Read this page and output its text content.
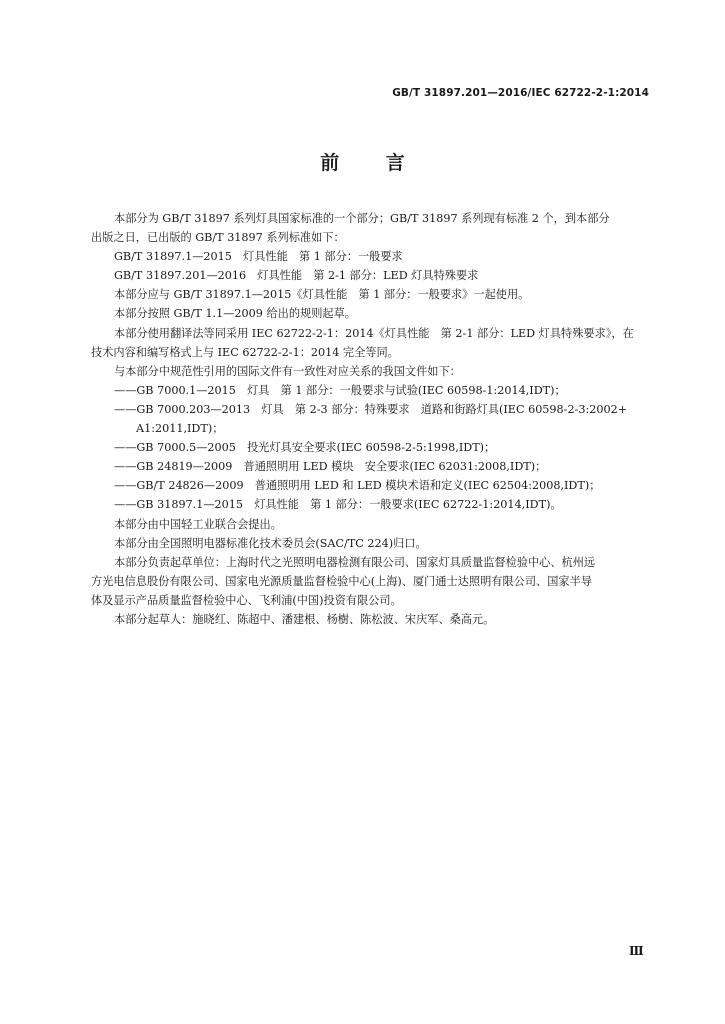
GB/T 31897.201—2016/IEC 62722-2-1:2014
前 言
本部分为 GB/T 31897 系列灯具国家标准的一个部分；GB/T 31897 系列现有标准 2 个，到本部分
出版之日，已出版的 GB/T 31897 系列标准如下：
GB/T 31897.1—2015　灯具性能　第 1 部分：一般要求
GB/T 31897.201—2016　灯具性能　第 2-1 部分：LED 灯具特殊要求
本部分应与 GB/T 31897.1—2015《灯具性能　第 1 部分：一般要求》一起使用。
本部分按照 GB/T 1.1—2009 给出的规则起草。
本部分使用翻译法等同采用 IEC 62722-2-1：2014《灯具性能　第 2-1 部分：LED 灯具特殊要求》，在
技术内容和编写格式上与 IEC 62722-2-1：2014 完全等同。
与本部分中规范性引用的国际文件有一致性对应关系的我国文件如下：
——GB 7000.1—2015　灯具　第 1 部分：一般要求与试验(IEC 60598-1:2014,IDT)；
——GB 7000.203—2013　灯具　第 2-3 部分：特殊要求　道路和街路灯具(IEC 60598-2-3:2002+
A1:2011,IDT)；
——GB 7000.5—2005　投光灯具安全要求(IEC 60598-2-5:1998,IDT)；
——GB 24819—2009　普通照明用 LED 模块　安全要求(IEC 62031:2008,IDT)；
——GB/T 24826—2009　普通照明用 LED 和 LED 模块术语和定义(IEC 62504:2008,IDT)；
——GB 31897.1—2015　灯具性能　第 1 部分：一般要求(IEC 62722-1:2014,IDT)。
本部分由中国轻工业联合会提出。
本部分由全国照明电器标准化技术委员会(SAC/TC 224)归口。
本部分负责起草单位：上海时代之光照明电器检测有限公司、国家灯具质量监督检验中心、杭州远
方光电信息股份有限公司、国家电光源质量监督检验中心(上海)、厦门通士达照明有限公司、国家半导
体及显示产品质量监督检验中心、飞利浦(中国)投资有限公司。
本部分起草人：施晓红、陈超中、潘建根、杨樹、陈松波、宋庆军、桑高元。
Ⅲ
